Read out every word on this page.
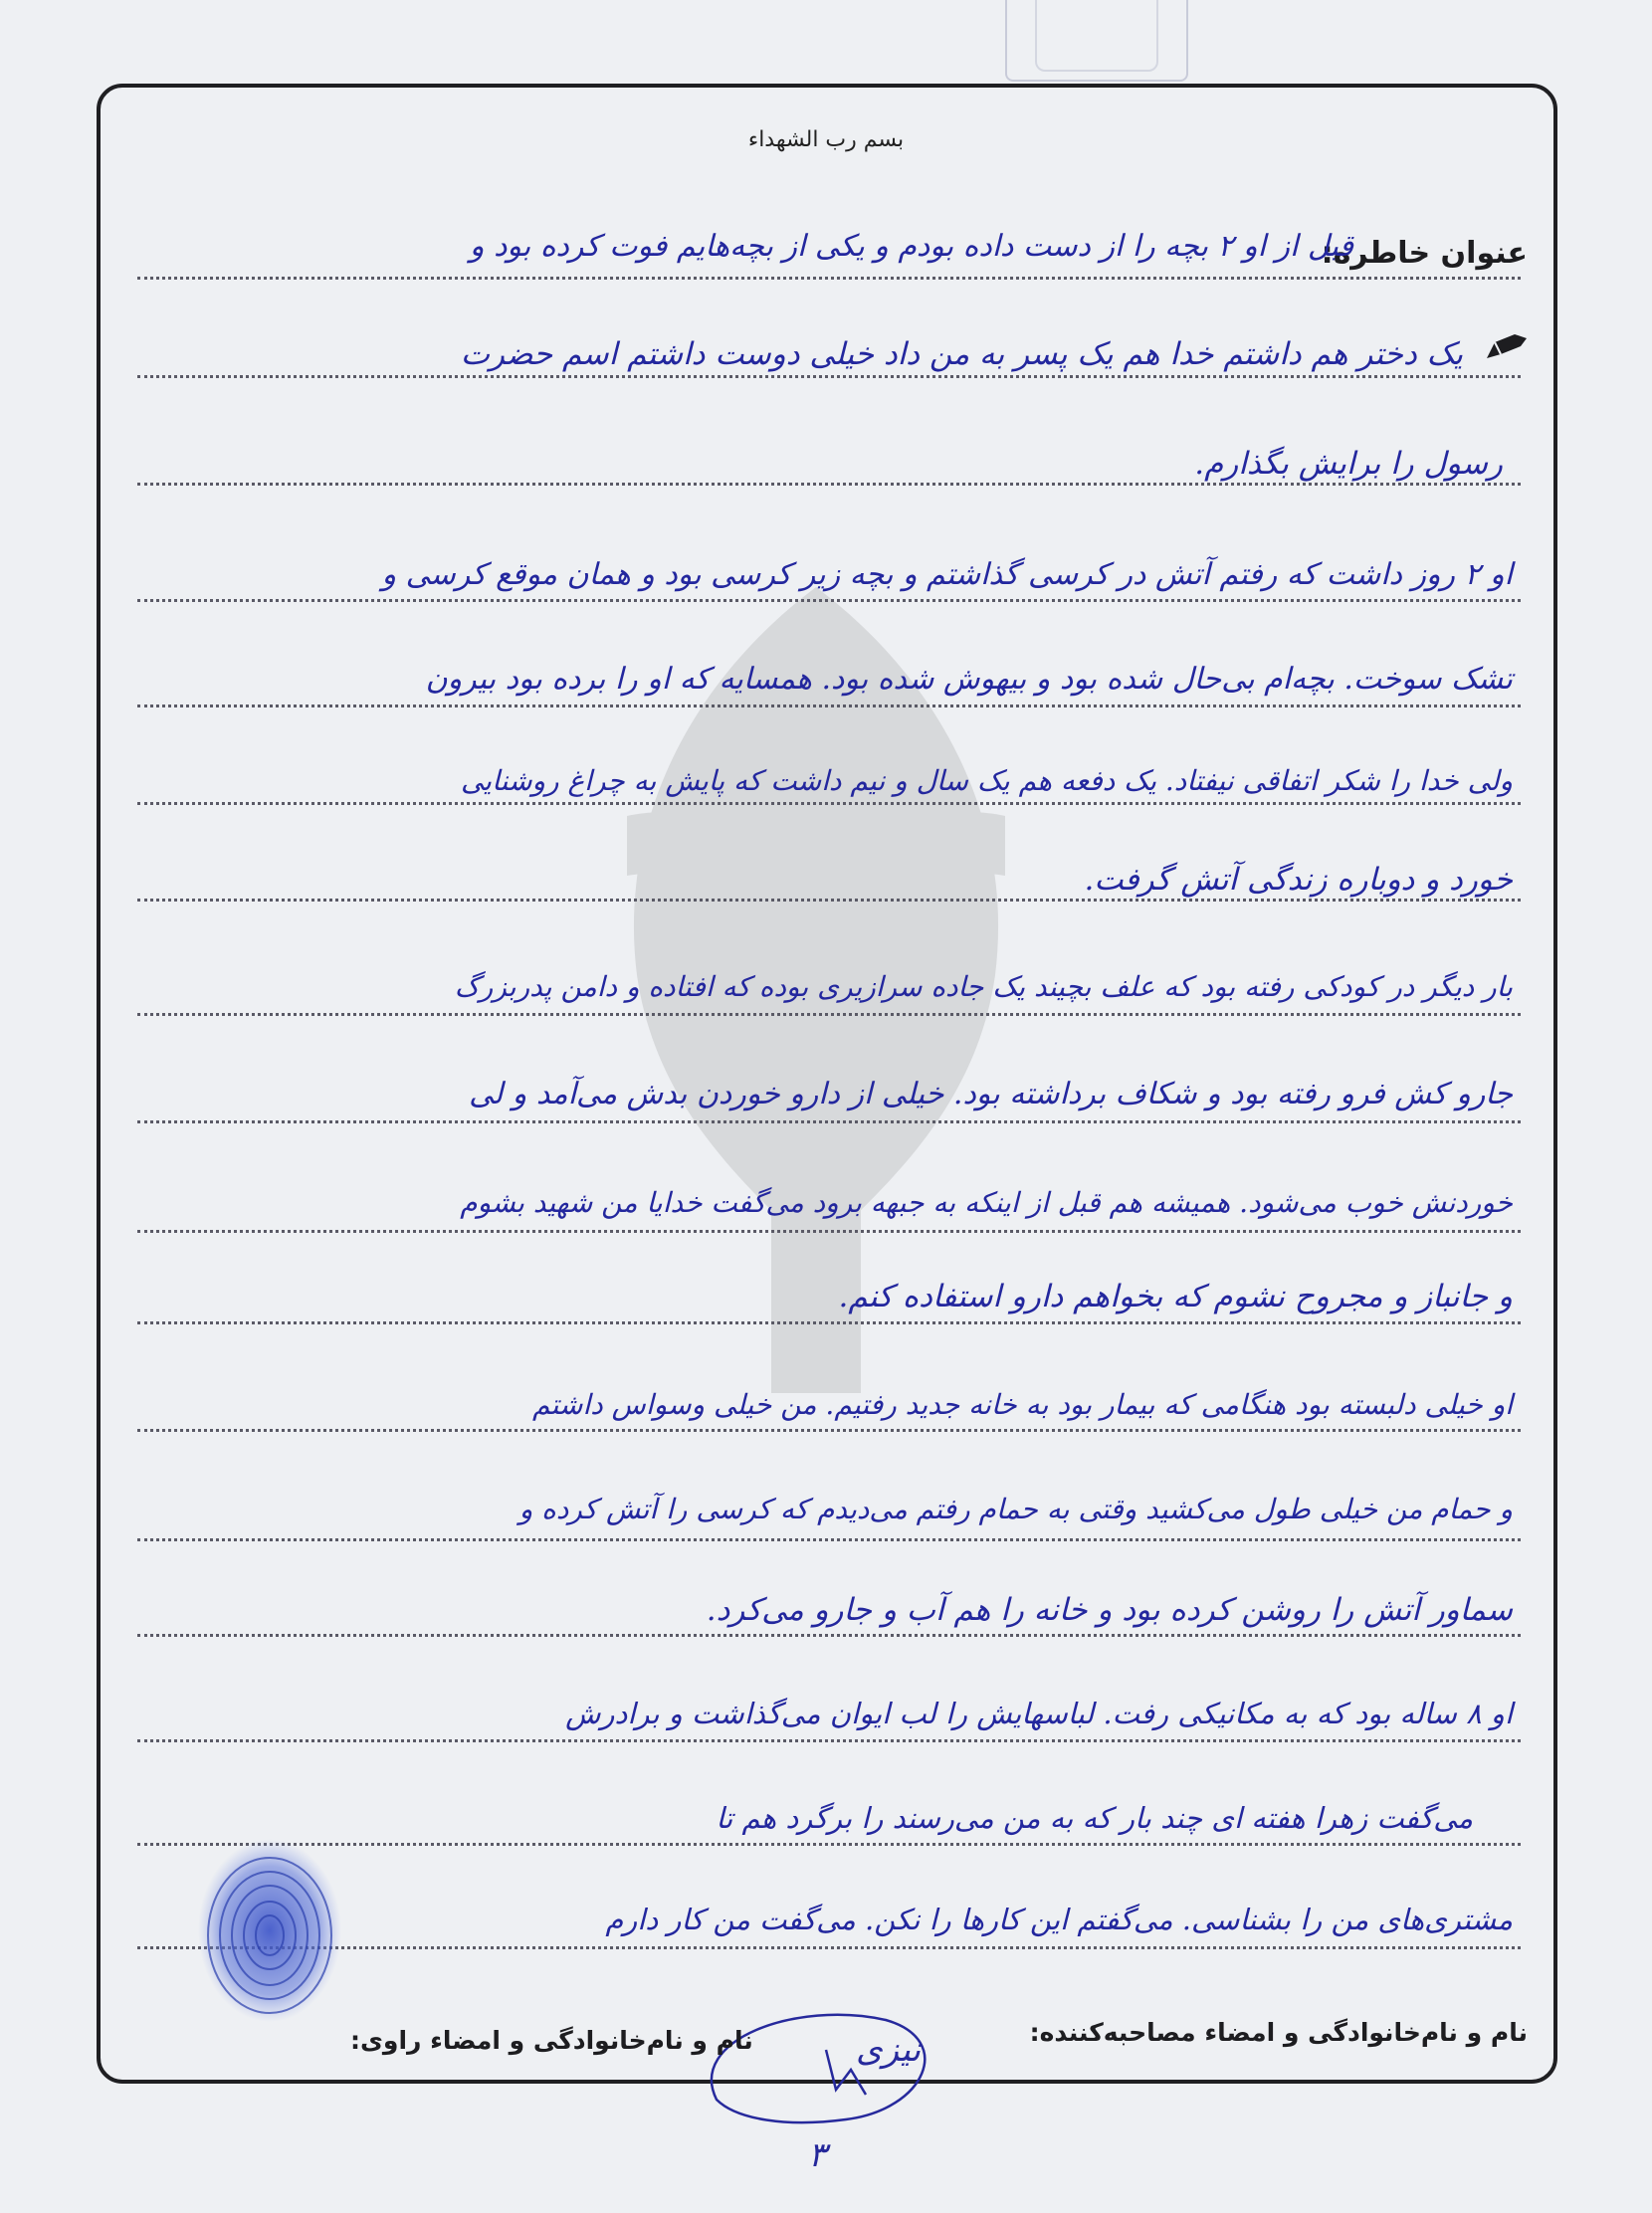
بسم رب الشهداء
عنوان خاطره:
قبل از او ۲ بچه را از دست داده بودم و یکی از بچه‌هایم فوت کرده بود و
یک دختر هم داشتم خدا هم یک پسر به من داد خیلی دوست داشتم اسم حضرت
رسول را برایش بگذارم.
او ۲ روز داشت که رفتم آتش در کرسی گذاشتم و بچه زیر کرسی بود و همان موقع کرسی و
تشک سوخت. بچه‌ام بی‌حال شده بود و بیهوش شده بود. همسایه که او را برده بود بیرون
ولی خدا را شکر اتفاقی نیفتاد. یک دفعه هم یک سال و نیم داشت که پایش به چراغ روشنایی
خورد و دوباره زندگی آتش گرفت.
بار دیگر در کودکی رفته بود که علف بچیند یک جاده سرازیری بوده که افتاده و دامن پدربزرگ
جارو کش فرو رفته بود و شکاف برداشته بود. خیلی از دارو خوردن بدش می‌آمد و لی
خوردنش خوب می‌شود. همیشه هم قبل از اینکه به جبهه برود می‌گفت خدایا من شهید بشوم
و جانباز و مجروح نشوم که بخواهم دارو استفاده کنم.
او خیلی دلبسته بود هنگامی که بیمار بود به خانه جدید رفتیم. من خیلی وسواس داشتم
و حمام من خیلی طول می‌کشید وقتی به حمام رفتم می‌دیدم که کرسی را آتش کرده و
سماور آتش را روشن کرده بود و خانه را هم آب و جارو می‌کرد.
او ۸ ساله بود که به مکانیکی رفت. لباسهایش را لب ایوان می‌گذاشت و برادرش
می‌گفت زهرا هفته ای چند بار که به من می‌رسند را برگرد هم تا
مشتری‌های من را بشناسی. می‌گفتم این کارها را نکن. می‌گفت من کار دارم
نیزی	نام و نام‌خانوادگی و امضاء مصاحبه‌کننده:
نام و نام‌خانوادگی و امضاء راوی:
۳
